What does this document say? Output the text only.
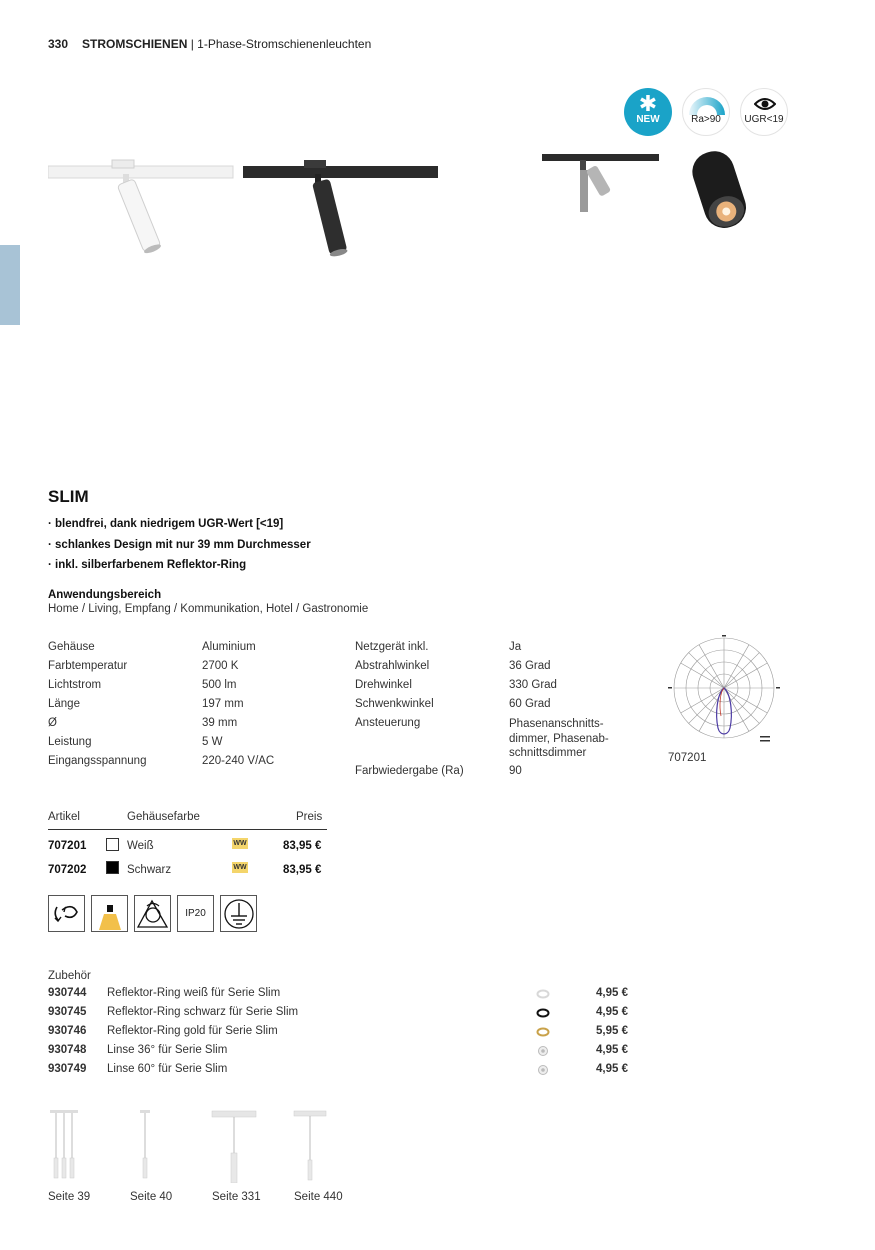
330 STROMSCHIENEN | 1-Phase-Stromschienenleuchten
✱
NEW	Ra>90	UGR<19
SLIM
· blendfrei, dank niedrigem UGR-Wert [<19]
· schlankes Design mit nur 39 mm Durchmesser
· inkl. silberfarbenem Reflektor-Ring
Anwendungsbereich
Home / Living, Empfang / Kommunikation, Hotel / Gastronomie
Gehäuse	Aluminium
Farbtemperatur	2700 K
Lichtstrom	500 lm
Länge	197 mm
Ø	39 mm
Leistung	5 W
Eingangsspannung	220-240 V/AC
Netzgerät inkl.	Ja
Abstrahlwinkel	36 Grad
Drehwinkel	330 Grad
Schwenkwinkel	60 Grad
Ansteuerung	Phasenanschnitts-
dimmer, Phasenab-
schnittsdimmer
Farbwiedergabe (Ra)	90
707201
Artikel	Gehäusefarbe	Preis
707201	Weiß	WW	83,95 €
707202	Schwarz	WW	83,95 €
IP20
Zubehör
930744 Reflektor-Ring weiß für Serie Slim	4,95 €
930745 Reflektor-Ring schwarz für Serie Slim	4,95 €
930746 Reflektor-Ring gold für Serie Slim	5,95 €
930748 Linse 36° für Serie Slim	4,95 €
930749 Linse 60° für Serie Slim	4,95 €
Seite 39	Seite 40	Seite 331	Seite 440
